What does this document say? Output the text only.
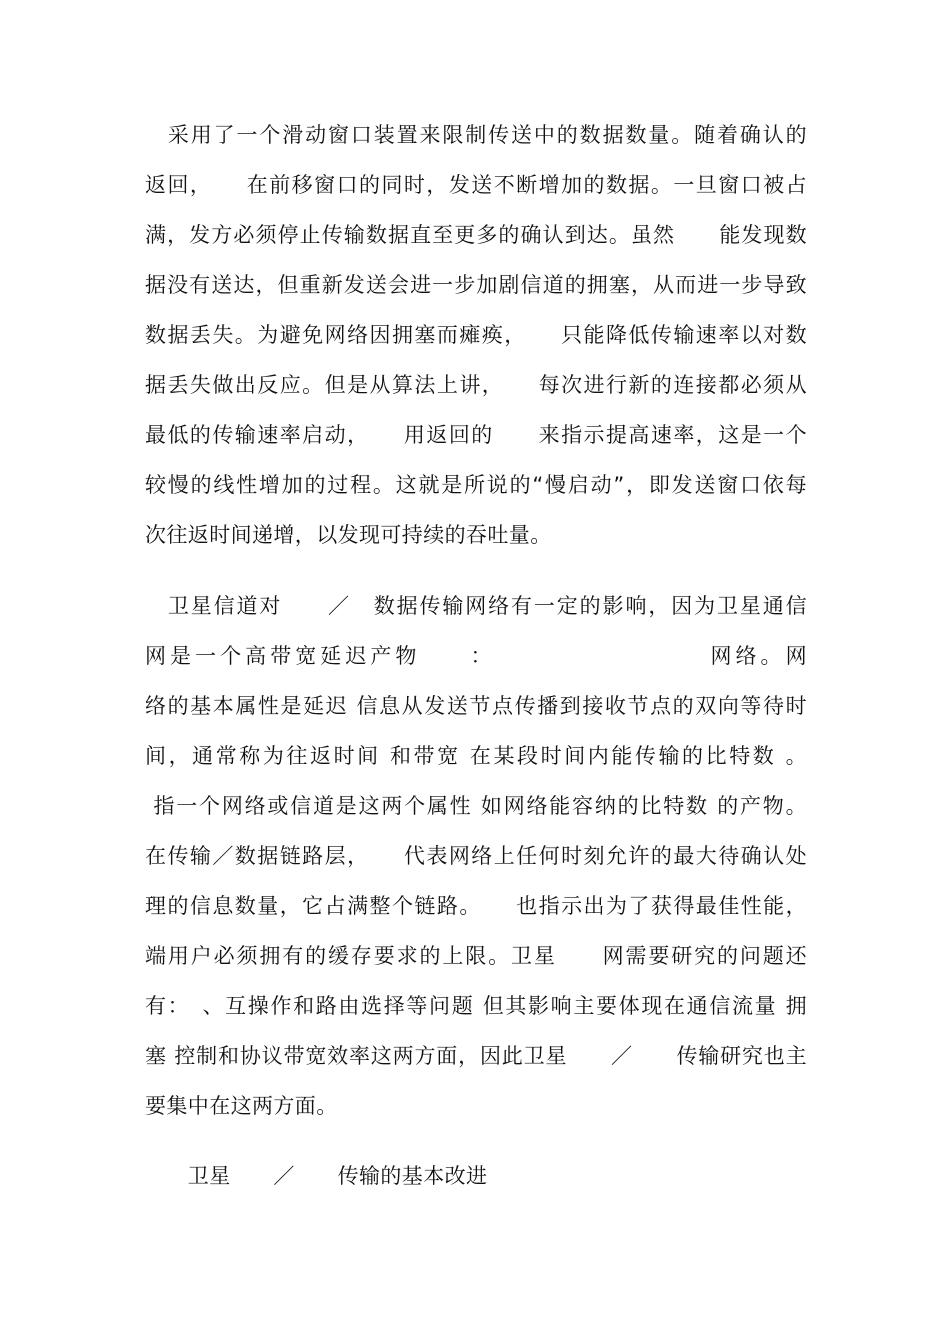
　采用了一个滑动窗口装置来限制传送中的数据数量。随着确认的
返回，　　在前移窗口的同时，发送不断增加的数据。一旦窗口被占
满，发方必须停止传输数据直至更多的确认到达。虽然　　能发现数
据没有送达，但重新发送会进一步加剧信道的拥塞，从而进一步导致
数据丢失。为避免网络因拥塞而瘫痪，　　只能降低传输速率以对数
据丢失做出反应。但是从算法上讲，　　每次进行新的连接都必须从
最低的传输速率启动，　　用返回的　　来指示提高速率，这是一个
较慢的线性增加的过程。这就是所说的“慢启动”，即发送窗口依每
次往返时间递增，以发现可持续的吞吐量。
　卫星信道对　　／　数据传输网络有一定的影响，因为卫星通信
网是一个高带宽延迟产物　　：　　　　　　　　　网络。网
络的基本属性是延迟 信息从发送节点传播到接收节点的双向等待时
间，通常称为往返时间 和带宽 在某段时间内能传输的比特数 。
指一个网络或信道是这两个属性 如网络能容纳的比特数 的产物。
在传输／数据链路层，　　代表网络上任何时刻允许的最大待确认处
理的信息数量，它占满整个链路。　　也指示出为了获得最佳性能，
端用户必须拥有的缓存要求的上限。卫星　　网需要研究的问题还
有：　、互操作和路由选择等问题 但其影响主要体现在通信流量 拥
塞 控制和协议带宽效率这两方面，因此卫星　　／　　传输研究也主
要集中在这两方面。
　　卫星　　／　　传输的基本改进
